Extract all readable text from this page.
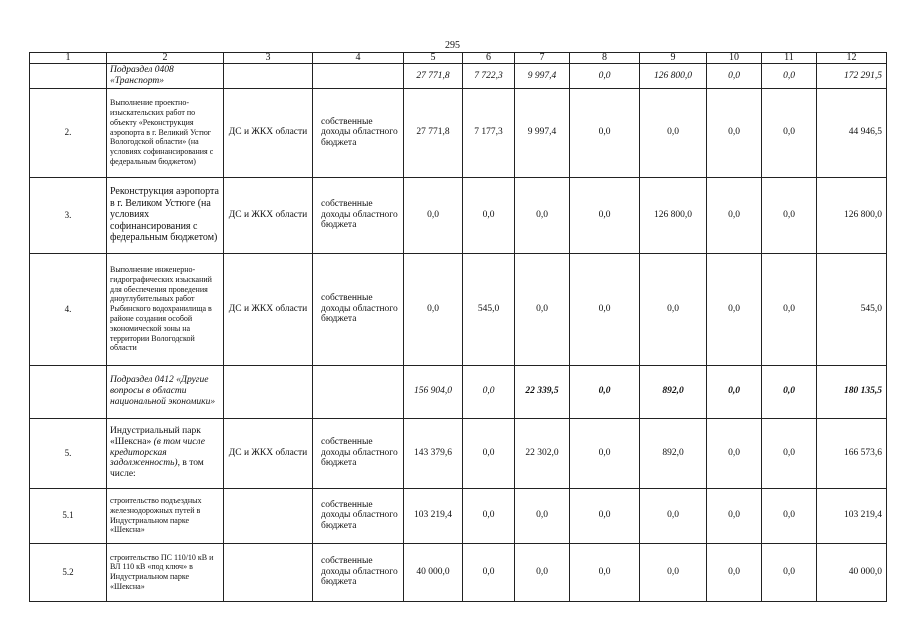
295
1	2	3	4	5	6	7	8	9	10	11	12
	Подраздел 0408 «Транспорт»			27 771,8	7 722,3	9 997,4	0,0	126 800,0	0,0	0,0	172 291,5
2.	Выполнение проектно-изыскательских работ по объекту «Реконструкция аэропорта в г. Великий Устюг Вологодской области» (на условиях софинансирования с федеральным бюджетом)	ДС и ЖКХ области	собственные доходы областного бюджета	27 771,8	7 177,3	9 997,4	0,0	0,0	0,0	0,0	44 946,5
3.	Реконструкция аэропорта в г. Великом Устюге (на условиях софинансирования с федеральным бюджетом)	ДС и ЖКХ области	собственные доходы областного бюджета	0,0	0,0	0,0	0,0	126 800,0	0,0	0,0	126 800,0
4.	Выполнение инженерно-гидрографических изысканий для обеспечения проведения дноуглубительных работ Рыбинского водохранилища в районе создания особой экономической зоны на территории Вологодской области	ДС и ЖКХ области	собственные доходы областного бюджета	0,0	545,0	0,0	0,0	0,0	0,0	0,0	545,0
	Подраздел 0412 «Другие вопросы в области национальной экономики»			156 904,0	0,0	22 339,5	0,0	892,0	0,0	0,0	180 135,5
5.	Индустриальный парк «Шексна» (в том числе кредиторская задолженность), в том числе:	ДС и ЖКХ области	собственные доходы областного бюджета	143 379,6	0,0	22 302,0	0,0	892,0	0,0	0,0	166 573,6
5.1	строительство подъездных железнодорожных путей в Индустриальном парке «Шексна»		собственные доходы областного бюджета	103 219,4	0,0	0,0	0,0	0,0	0,0	0,0	103 219,4
5.2	строительство ПС 110/10 кВ и ВЛ 110 кВ «под ключ» в Индустриальном парке «Шексна»		собственные доходы областного бюджета	40 000,0	0,0	0,0	0,0	0,0	0,0	0,0	40 000,0
